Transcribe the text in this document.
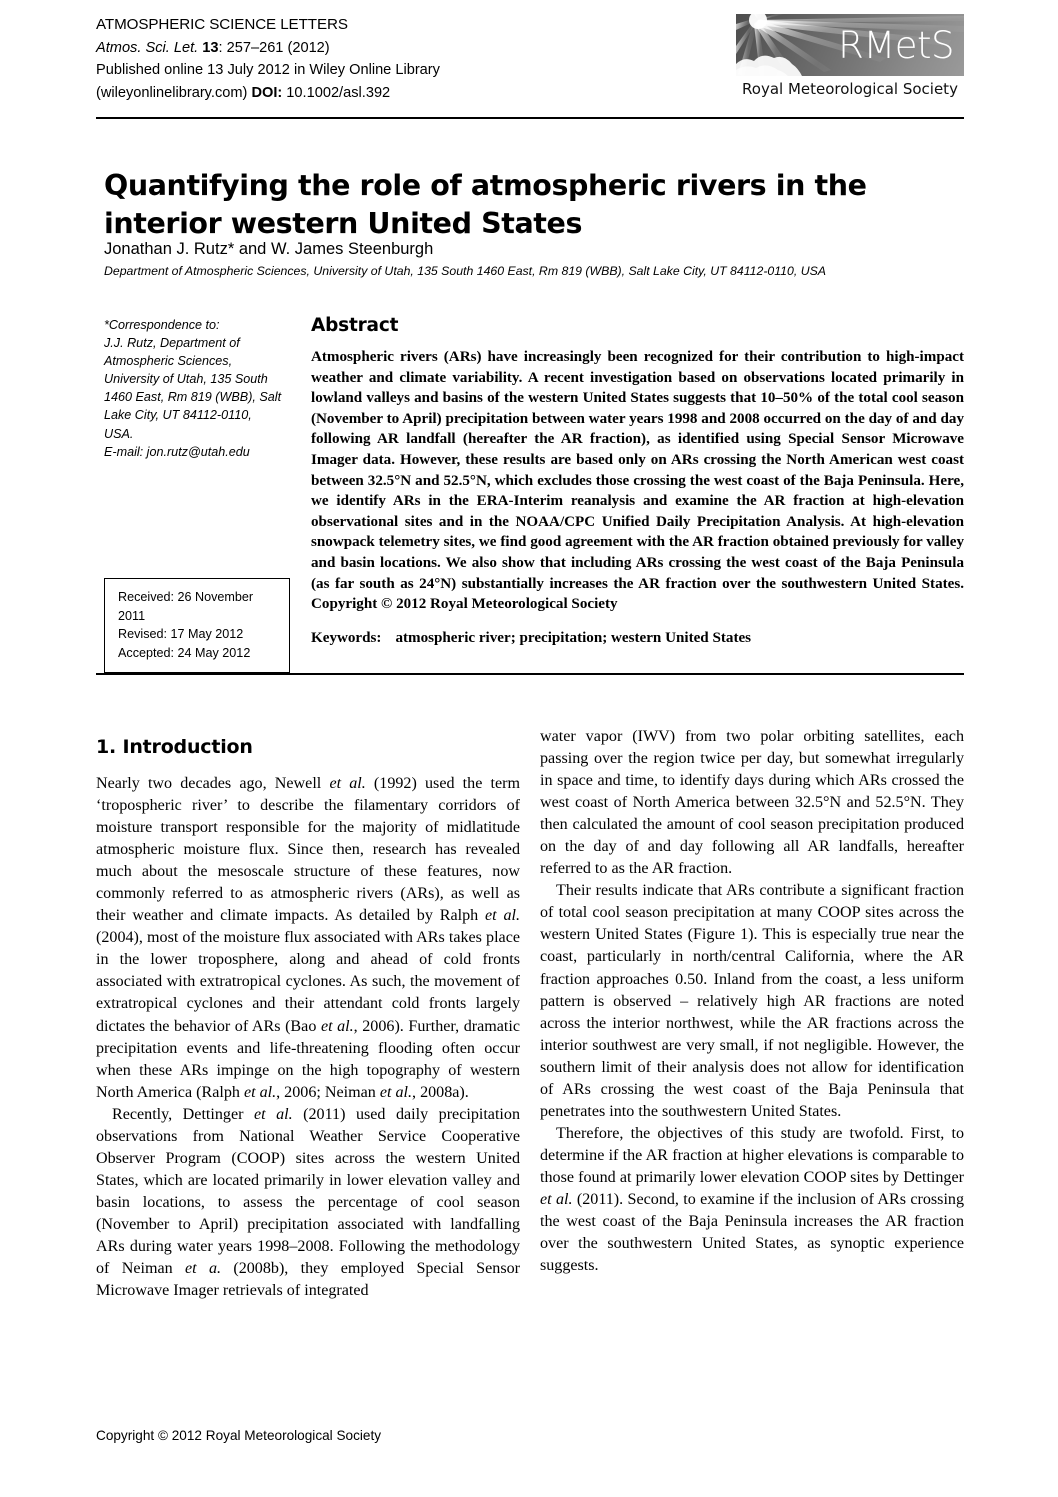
ATMOSPHERIC SCIENCE LETTERS
Atmos. Sci. Let. 13: 257–261 (2012)
Published online 13 July 2012 in Wiley Online Library
(wileyonlinelibrary.com) DOI: 10.1002/asl.392
RMetS
Royal Meteorological Society
Quantifying the role of atmospheric rivers in the interior western United States
Jonathan J. Rutz* and W. James Steenburgh
Department of Atmospheric Sciences, University of Utah, 135 South 1460 East, Rm 819 (WBB), Salt Lake City, UT 84112-0110, USA
*Correspondence to:
J.J. Rutz, Department of Atmospheric Sciences, University of Utah, 135 South 1460 East, Rm 819 (WBB), Salt Lake City, UT 84112-0110, USA.
E-mail: jon.rutz@utah.edu
Received: 26 November 2011
Revised: 17 May 2012
Accepted: 24 May 2012
Abstract

Atmospheric rivers (ARs) have increasingly been recognized for their contribution to high-impact weather and climate variability. A recent investigation based on observations located primarily in lowland valleys and basins of the western United States suggests that 10–50% of the total cool season (November to April) precipitation between water years 1998 and 2008 occurred on the day of and day following AR landfall (hereafter the AR fraction), as identified using Special Sensor Microwave Imager data. However, these results are based only on ARs crossing the North American west coast between 32.5°N and 52.5°N, which excludes those crossing the west coast of the Baja Peninsula. Here, we identify ARs in the ERA-Interim reanalysis and examine the AR fraction at high-elevation observational sites and in the NOAA/CPC Unified Daily Precipitation Analysis. At high-elevation snowpack telemetry sites, we find good agreement with the AR fraction obtained previously for valley and basin locations. We also show that including ARs crossing the west coast of the Baja Peninsula (as far south as 24°N) substantially increases the AR fraction over the southwestern United States. Copyright © 2012 Royal Meteorological Society

Keywords: atmospheric river; precipitation; western United States
1. Introduction

Nearly two decades ago, Newell et al. (1992) used the term ‘tropospheric river’ to describe the filamentary corridors of moisture transport responsible for the majority of midlatitude atmospheric moisture flux. Since then, research has revealed much about the mesoscale structure of these features, now commonly referred to as atmospheric rivers (ARs), as well as their weather and climate impacts. As detailed by Ralph et al. (2004), most of the moisture flux associated with ARs takes place in the lower troposphere, along and ahead of cold fronts associated with extratropical cyclones. As such, the movement of extratropical cyclones and their attendant cold fronts largely dictates the behavior of ARs (Bao et al., 2006). Further, dramatic precipitation events and life-threatening flooding often occur when these ARs impinge on the high topography of western North America (Ralph et al., 2006; Neiman et al., 2008a).

Recently, Dettinger et al. (2011) used daily precipitation observations from National Weather Service Cooperative Observer Program (COOP) sites across the western United States, which are located primarily in lower elevation valley and basin locations, to assess the percentage of cool season (November to April) precipitation associated with landfalling ARs during water years 1998–2008. Following the methodology of Neiman et a. (2008b), they employed Special Sensor Microwave Imager retrievals of integrated

water vapor (IWV) from two polar orbiting satellites, each passing over the region twice per day, but somewhat irregularly in space and time, to identify days during which ARs crossed the west coast of North America between 32.5°N and 52.5°N. They then calculated the amount of cool season precipitation produced on the day of and day following all AR landfalls, hereafter referred to as the AR fraction.

Their results indicate that ARs contribute a significant fraction of total cool season precipitation at many COOP sites across the western United States (Figure 1). This is especially true near the coast, particularly in north/central California, where the AR fraction approaches 0.50. Inland from the coast, a less uniform pattern is observed – relatively high AR fractions are noted across the interior northwest, while the AR fractions across the interior southwest are very small, if not negligible. However, the southern limit of their analysis does not allow for identification of ARs crossing the west coast of the Baja Peninsula that penetrates into the southwestern United States.

Therefore, the objectives of this study are twofold. First, to determine if the AR fraction at higher elevations is comparable to those found at primarily lower elevation COOP sites by Dettinger et al. (2011). Second, to examine if the inclusion of ARs crossing the west coast of the Baja Peninsula increases the AR fraction over the southwestern United States, as synoptic experience suggests.

Copyright © 2012 Royal Meteorological Society
